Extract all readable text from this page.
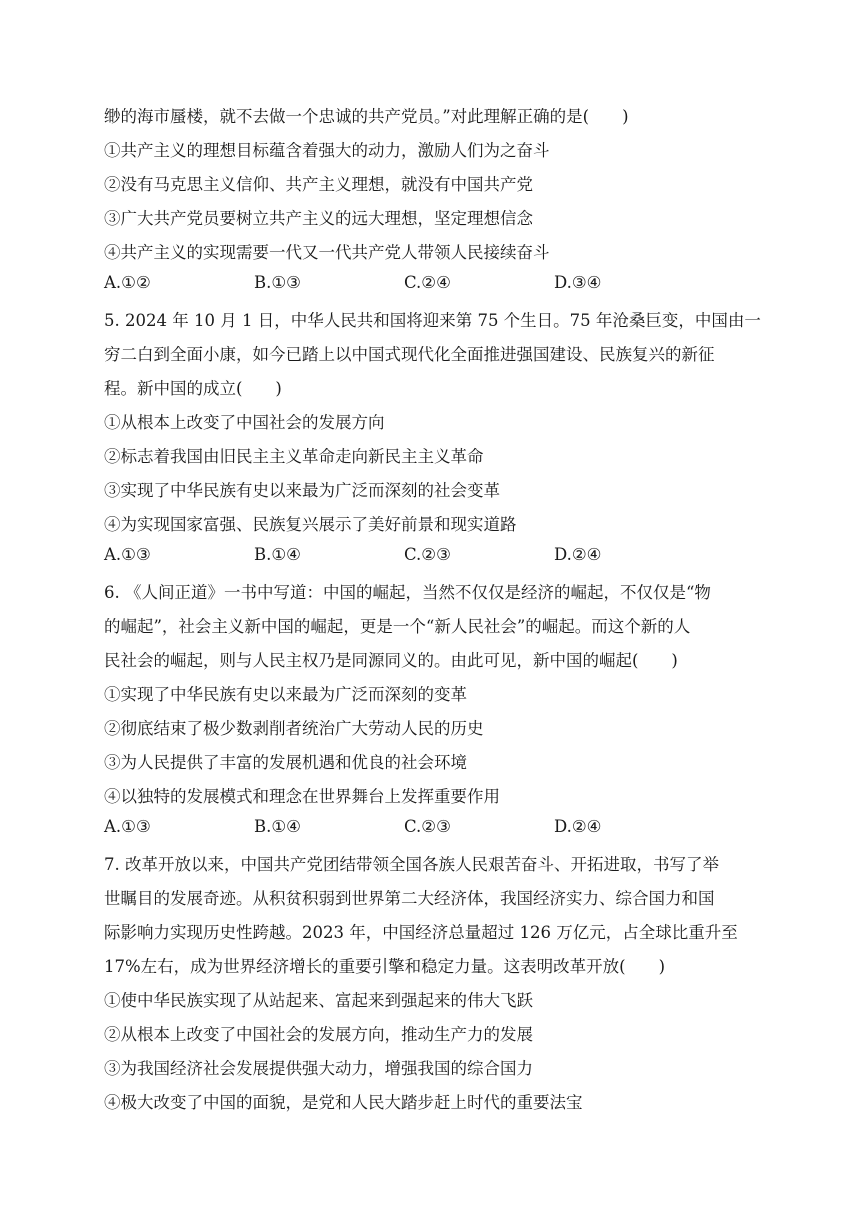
缈的海市蜃楼，就不去做一个忠诚的共产党员。”对此理解正确的是(　　)
①共产主义的理想目标蕴含着强大的动力，激励人们为之奋斗
②没有马克思主义信仰、共产主义理想，就没有中国共产党
③广大共产党员要树立共产主义的远大理想，坚定理想信念
④共产主义的实现需要一代又一代共产党人带领人民接续奋斗
A.①②	B.①③	C.②④	D.③④
5. 2024 年 10 月 1 日，中华人民共和国将迎来第 75 个生日。75 年沧桑巨变，中国由一
穷二白到全面小康，如今已踏上以中国式现代化全面推进强国建设、民族复兴的新征
程。新中国的成立(　　)
①从根本上改变了中国社会的发展方向
②标志着我国由旧民主主义革命走向新民主主义革命
③实现了中华民族有史以来最为广泛而深刻的社会变革
④为实现国家富强、民族复兴展示了美好前景和现实道路
A.①③	B.①④	C.②③	D.②④
6. 《人间正道》一书中写道：中国的崛起，当然不仅仅是经济的崛起，不仅仅是“物
的崛起”，社会主义新中国的崛起，更是一个“新人民社会”的崛起。而这个新的人
民社会的崛起，则与人民主权乃是同源同义的。由此可见，新中国的崛起(　　)
①实现了中华民族有史以来最为广泛而深刻的变革
②彻底结束了极少数剥削者统治广大劳动人民的历史
③为人民提供了丰富的发展机遇和优良的社会环境
④以独特的发展模式和理念在世界舞台上发挥重要作用
A.①③	B.①④	C.②③	D.②④
7. 改革开放以来，中国共产党团结带领全国各族人民艰苦奋斗、开拓进取，书写了举
世瞩目的发展奇迹。从积贫积弱到世界第二大经济体，我国经济实力、综合国力和国
际影响力实现历史性跨越。2023 年，中国经济总量超过 126 万亿元，占全球比重升至
17%左右，成为世界经济增长的重要引擎和稳定力量。这表明改革开放(　　)
①使中华民族实现了从站起来、富起来到强起来的伟大飞跃
②从根本上改变了中国社会的发展方向，推动生产力的发展
③为我国经济社会发展提供强大动力，增强我国的综合国力
④极大改变了中国的面貌，是党和人民大踏步赶上时代的重要法宝
